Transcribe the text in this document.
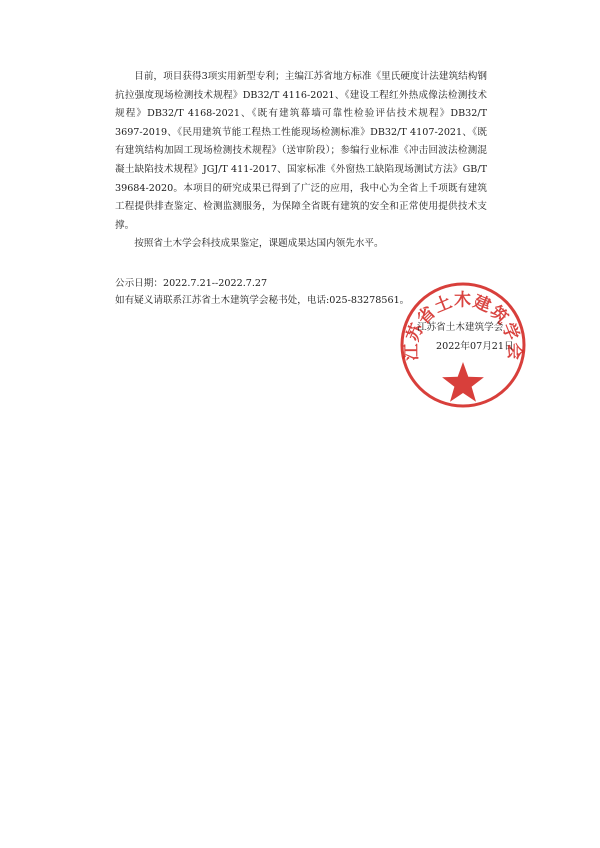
目前，项目获得3项实用新型专利；主编江苏省地方标准《里氏硬度计法建筑结构钢抗拉强度现场检测技术规程》DB32/T 4116-2021、《建设工程红外热成像法检测技术规程》DB32/T 4168-2021、《既有建筑幕墙可靠性检验评估技术规程》DB32/T 3697-2019、《民用建筑节能工程热工性能现场检测标准》DB32/T 4107-2021、《既有建筑结构加固工现场检测技术规程》（送审阶段）；参编行业标准《冲击回波法检测混凝土缺陷技术规程》JGJ/T 411-2017、国家标准《外窗热工缺陷现场测试方法》GB/T 39684-2020。本项目的研究成果已得到了广泛的应用，我中心为全省上千项既有建筑工程提供排查鉴定、检测监测服务，为保障全省既有建筑的安全和正常使用提供技术支撑。

按照省土木学会科技成果鉴定，课题成果达国内领先水平。

公示日期：2022.7.21--2022.7.27
如有疑义请联系江苏省土木建筑学会秘书处，电话:025-83278561。
江苏省土木建筑学会
江苏省土木建筑学会
2022年07月21日
